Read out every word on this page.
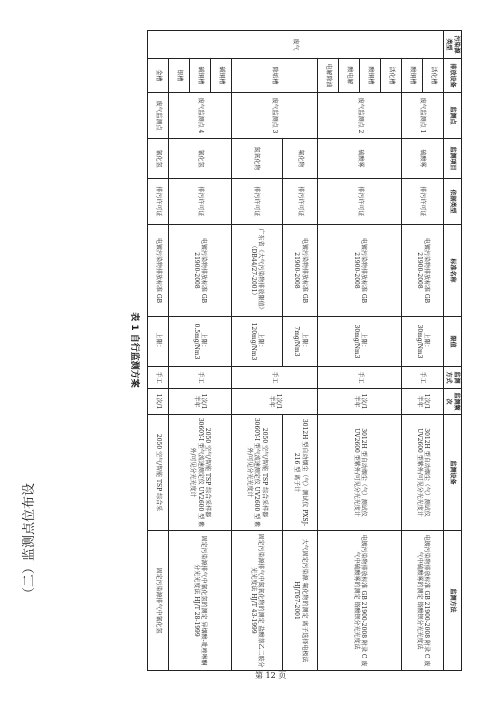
（二）监测点位布设
污染源类型	排放设备	监测点	监测项目	依据类型	标准名称	限值	监测方式	监测频次	监测设备	监测方法
废气	活化槽	废气监测点 1	硫酸雾	排污许可证	电镀污染物排放标准 GB 21900-2008	上限：30mg/Nm3	手工	1次/1半年	3012H 型自动烟尘（气）测试仪 UV2600 型紫外/可见分光光度计	电镀污染物排放标准 GB 21900-2008 附录 C 废气中硫酸雾的测定 铬酸钡分光光度法
	酸铜槽									
	活化槽	废气监测点 2	硫酸雾	排污许可证	电镀污染物排放标准 GB 21900-2008	上限：30mg/Nm3	手工	1次/1半年	3012H 型自动烟尘（气）测试仪 UV2600 型紫外/可见分光光度计	电镀污染物排放标准 GB 21900-2008 附录 C 废气中硫酸雾的测定 铬酸钡分光光度法
	酸铜槽									
	酸电解									
	电解除油									
	除垢槽	废气监测点 3	氟化物	排污许可证	电镀污染物排放标准 GB 21900-2008	上限：7mg/Nm3	手工	1次/1半年	3012H 型自动烟尘（气）测试仪 PXSJ-216 型 离子计	大气固定污染源 氟化物的测定 离子选择电极法 HJ/T67-2001
			氮氧化物	排污许可证	广东省《大气污染物排放限值》（DB44/27-2001）	上限：120mg/Nm3			2050 空气/智能 TSP 综合采样器 3060Y-I 型气流速测定仪 UV2600 型 紫外/可见分光光度计	固定污染源排气中氮氧化物的测定 盐酸萘乙二胺分光光度法 HJ/T 43-1999
	碱铜槽	废气监测点 4	氰化氢	排污许可证	电镀污染物排放标准 GB 21900-2008	上限：0.5mg/Nm3	手工	1次/1半年	2050 空气/智能 TSP 综合采样器 3060Y-I 型气流速测定仪 UV2600 型 紫外/可见分光光度计	固定污染源排气中氰化氢的测定 异烟酸-吡唑啉酮分光光度法 HJ/T 28-1999
	碱铜槽									
	银槽									
	金槽	废气监测点	氰化氢	排污许可证	电镀污染物排放标准 GB	上限：	手工	1次/1	2050 空气/智能 TSP 综合采	固定污染源排气中氰化氢
表 1 自行监测方案
第 12 页
